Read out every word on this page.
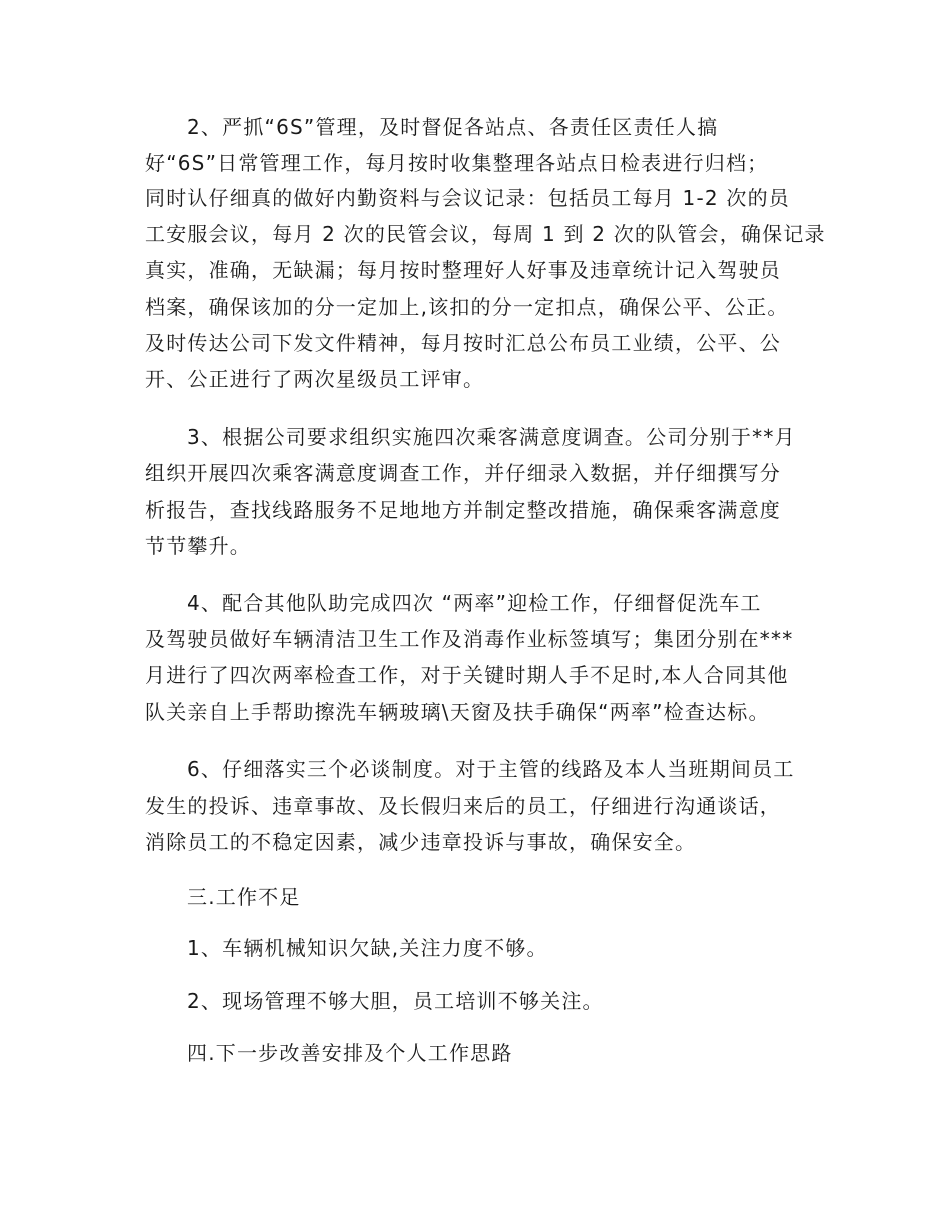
2、严抓“6S”管理，及时督促各站点、各责任区责任人搞
好“6S”日常管理工作，每月按时收集整理各站点日检表进行归档；
同时认仔细真的做好内勤资料与会议记录：包括员工每月 1-2 次的员
工安服会议，每月 2 次的民管会议，每周 1 到 2 次的队管会，确保记录
真实，准确，无缺漏；每月按时整理好人好事及违章统计记入驾驶员
档案，确保该加的分一定加上,该扣的分一定扣点，确保公平、公正。
及时传达公司下发文件精神，每月按时汇总公布员工业绩，公平、公
开、公正进行了两次星级员工评审。
3、根据公司要求组织实施四次乘客满意度调查。公司分别于**月
组织开展四次乘客满意度调查工作，并仔细录入数据，并仔细撰写分
析报告，查找线路服务不足地地方并制定整改措施，确保乘客满意度
节节攀升。
4、配合其他队助完成四次 “两率”迎检工作，仔细督促洗车工
及驾驶员做好车辆清洁卫生工作及消毒作业标签填写；集团分别在***
月进行了四次两率检查工作，对于关键时期人手不足时,本人合同其他
队关亲自上手帮助擦洗车辆玻璃\天窗及扶手确保“两率”检查达标。
6、仔细落实三个必谈制度。对于主管的线路及本人当班期间员工
发生的投诉、违章事故、及长假归来后的员工，仔细进行沟通谈话，
消除员工的不稳定因素，减少违章投诉与事故，确保安全。
三.工作不足
1、车辆机械知识欠缺,关注力度不够。
2、现场管理不够大胆，员工培训不够关注。
四.下一步改善安排及个人工作思路
